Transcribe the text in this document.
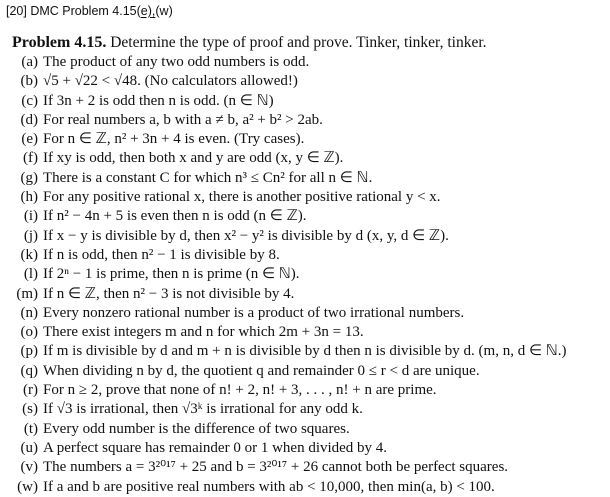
[20] DMC Problem 4.15(e),(w)
Problem 4.15. Determine the type of proof and prove. Tinker, tinker, tinker.
(a) The product of any two odd numbers is odd.
(b) √5 + √22 < √48. (No calculators allowed!)
(c) If 3n + 2 is odd then n is odd. (n ∈ ℕ)
(d) For real numbers a, b with a ≠ b, a² + b² > 2ab.
(e) For n ∈ ℤ, n² + 3n + 4 is even. (Try cases).
(f) If xy is odd, then both x and y are odd (x, y ∈ ℤ).
(g) There is a constant C for which n³ ≤ Cn² for all n ∈ ℕ.
(h) For any positive rational x, there is another positive rational y < x.
(i) If n² − 4n + 5 is even then n is odd (n ∈ ℤ).
(j) If x − y is divisible by d, then x² − y² is divisible by d (x, y, d ∈ ℤ).
(k) If n is odd, then n² − 1 is divisible by 8.
(l) If 2ⁿ − 1 is prime, then n is prime (n ∈ ℕ).
(m) If n ∈ ℤ, then n² − 3 is not divisible by 4.
(n) Every nonzero rational number is a product of two irrational numbers.
(o) There exist integers m and n for which 2m + 3n = 13.
(p) If m is divisible by d and m + n is divisible by d then n is divisible by d. (m, n, d ∈ ℕ.)
(q) When dividing n by d, the quotient q and remainder 0 ≤ r < d are unique.
(r) For n ≥ 2, prove that none of n! + 2, n! + 3, . . . , n! + n are prime.
(s) If √3 is irrational, then √3ᵏ is irrational for any odd k.
(t) Every odd number is the difference of two squares.
(u) A perfect square has remainder 0 or 1 when divided by 4.
(v) The numbers a = 3²⁰¹⁷ + 25 and b = 3²⁰¹⁷ + 26 cannot both be perfect squares.
(w) If a and b are positive real numbers with ab < 10,000, then min(a, b) < 100.
